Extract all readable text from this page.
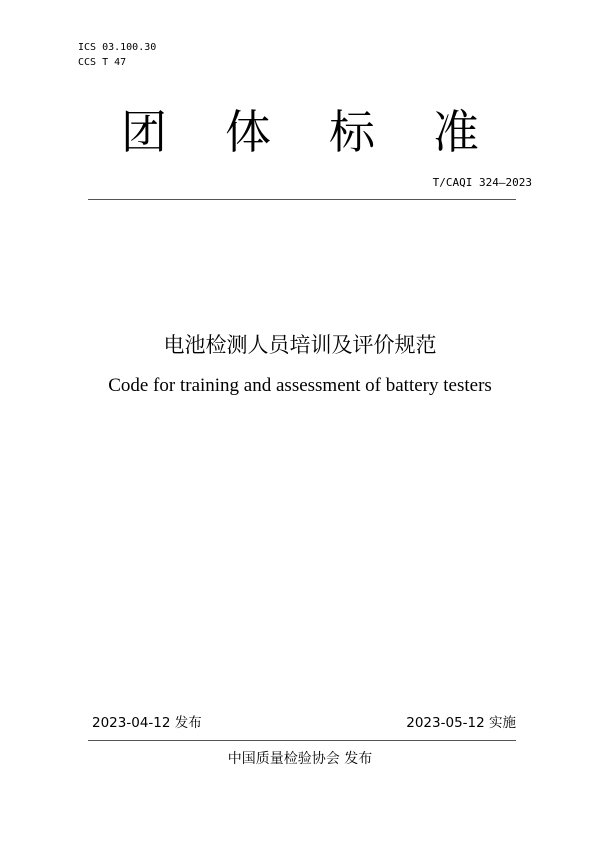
ICS 03.100.30
CCS T 47
团体标准
T/CAQI 324—2023
电池检测人员培训及评价规范
Code for training and assessment of battery testers
2023-04-12 发布	2023-05-12 实施
中国质量检验协会 发布
